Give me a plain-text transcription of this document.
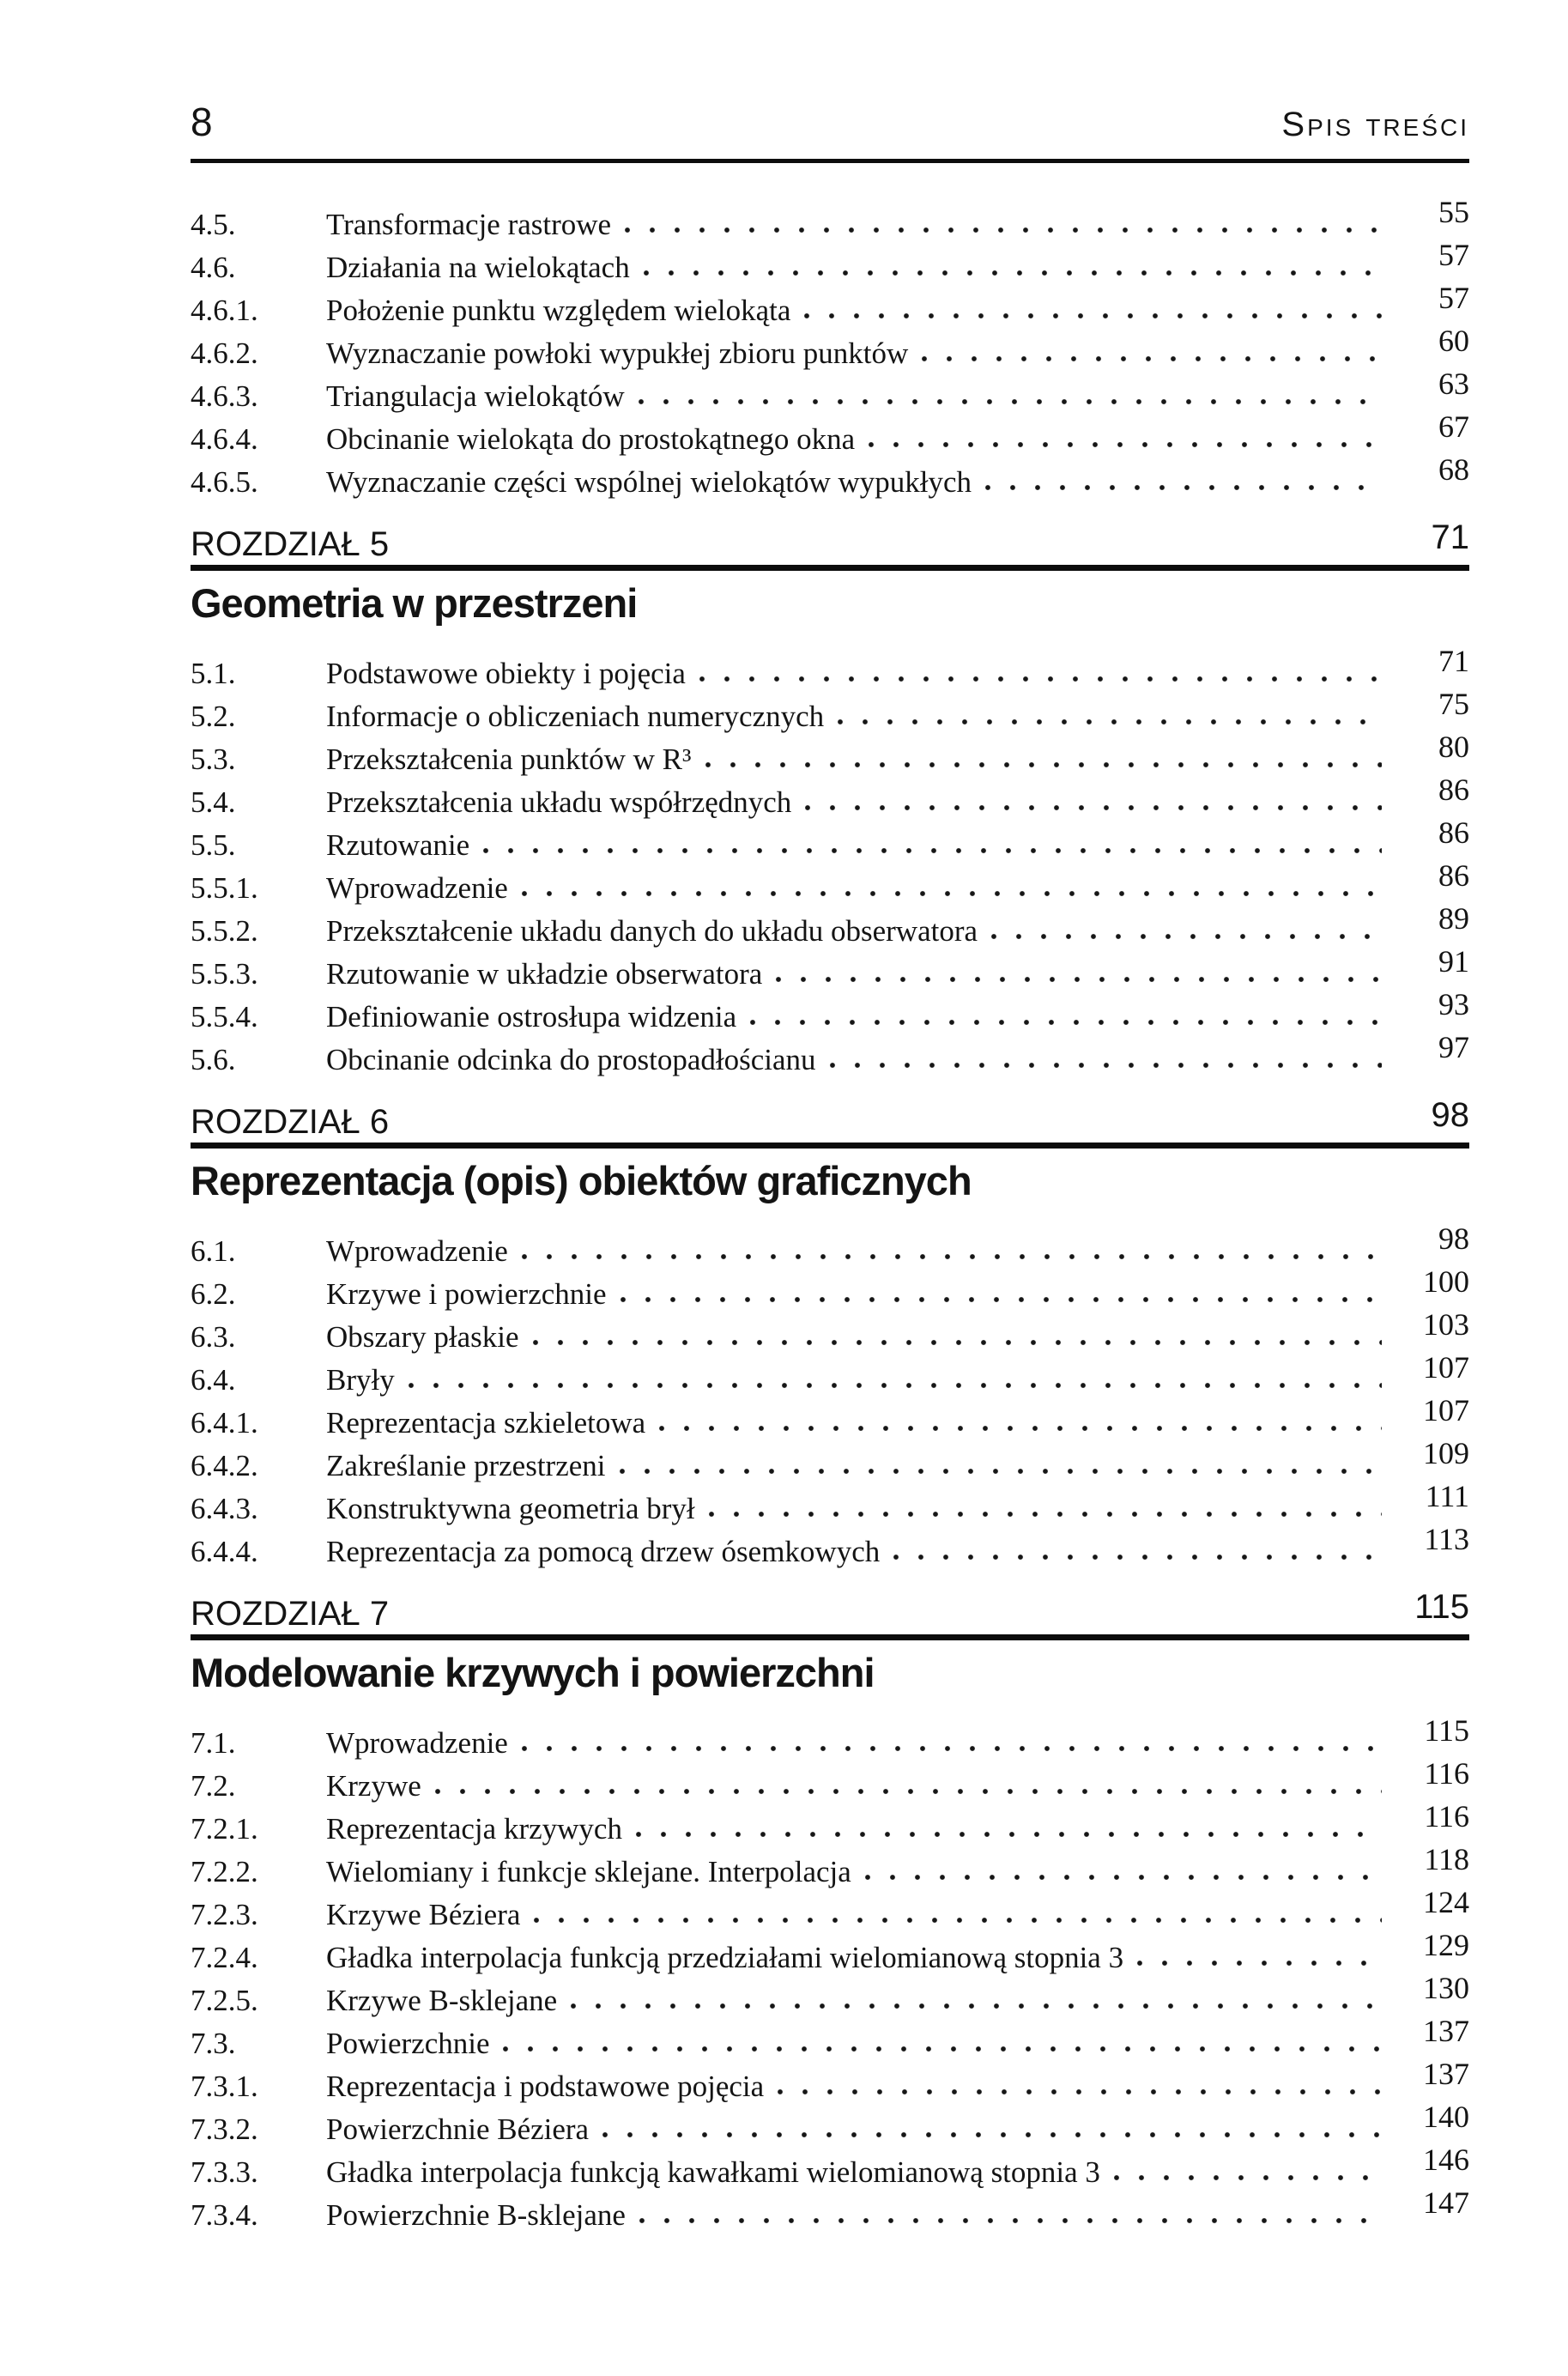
8	Spis treści
4.5.	Transformacje rastrowe	55
4.6.	Działania na wielokątach	57
4.6.1.	Położenie punktu względem wielokąta	57
4.6.2.	Wyznaczanie powłoki wypukłej zbioru punktów	60
4.6.3.	Triangulacja wielokątów	63
4.6.4.	Obcinanie wielokąta do prostokątnego okna	67
4.6.5.	Wyznaczanie części wspólnej wielokątów wypukłych	68
ROZDZIAŁ 5	71
Geometria w przestrzeni
5.1.	Podstawowe obiekty i pojęcia	71
5.2.	Informacje o obliczeniach numerycznych	75
5.3.	Przekształcenia punktów w R³	80
5.4.	Przekształcenia układu współrzędnych	86
5.5.	Rzutowanie	86
5.5.1.	Wprowadzenie	86
5.5.2.	Przekształcenie układu danych do układu obserwatora	89
5.5.3.	Rzutowanie w układzie obserwatora	91
5.5.4.	Definiowanie ostrosłupa widzenia	93
5.6.	Obcinanie odcinka do prostopadłościanu	97
ROZDZIAŁ 6	98
Reprezentacja (opis) obiektów graficznych
6.1.	Wprowadzenie	98
6.2.	Krzywe i powierzchnie	100
6.3.	Obszary płaskie	103
6.4.	Bryły	107
6.4.1.	Reprezentacja szkieletowa	107
6.4.2.	Zakreślanie przestrzeni	109
6.4.3.	Konstruktywna geometria brył	111
6.4.4.	Reprezentacja za pomocą drzew ósemkowych	113
ROZDZIAŁ 7	115
Modelowanie krzywych i powierzchni
7.1.	Wprowadzenie	115
7.2.	Krzywe	116
7.2.1.	Reprezentacja krzywych	116
7.2.2.	Wielomiany i funkcje sklejane. Interpolacja	118
7.2.3.	Krzywe Béziera	124
7.2.4.	Gładka interpolacja funkcją przedziałami wielomianową stopnia 3	129
7.2.5.	Krzywe B-sklejane	130
7.3.	Powierzchnie	137
7.3.1.	Reprezentacja i podstawowe pojęcia	137
7.3.2.	Powierzchnie Béziera	140
7.3.3.	Gładka interpolacja funkcją kawałkami wielomianową stopnia 3	146
7.3.4.	Powierzchnie B-sklejane	147
